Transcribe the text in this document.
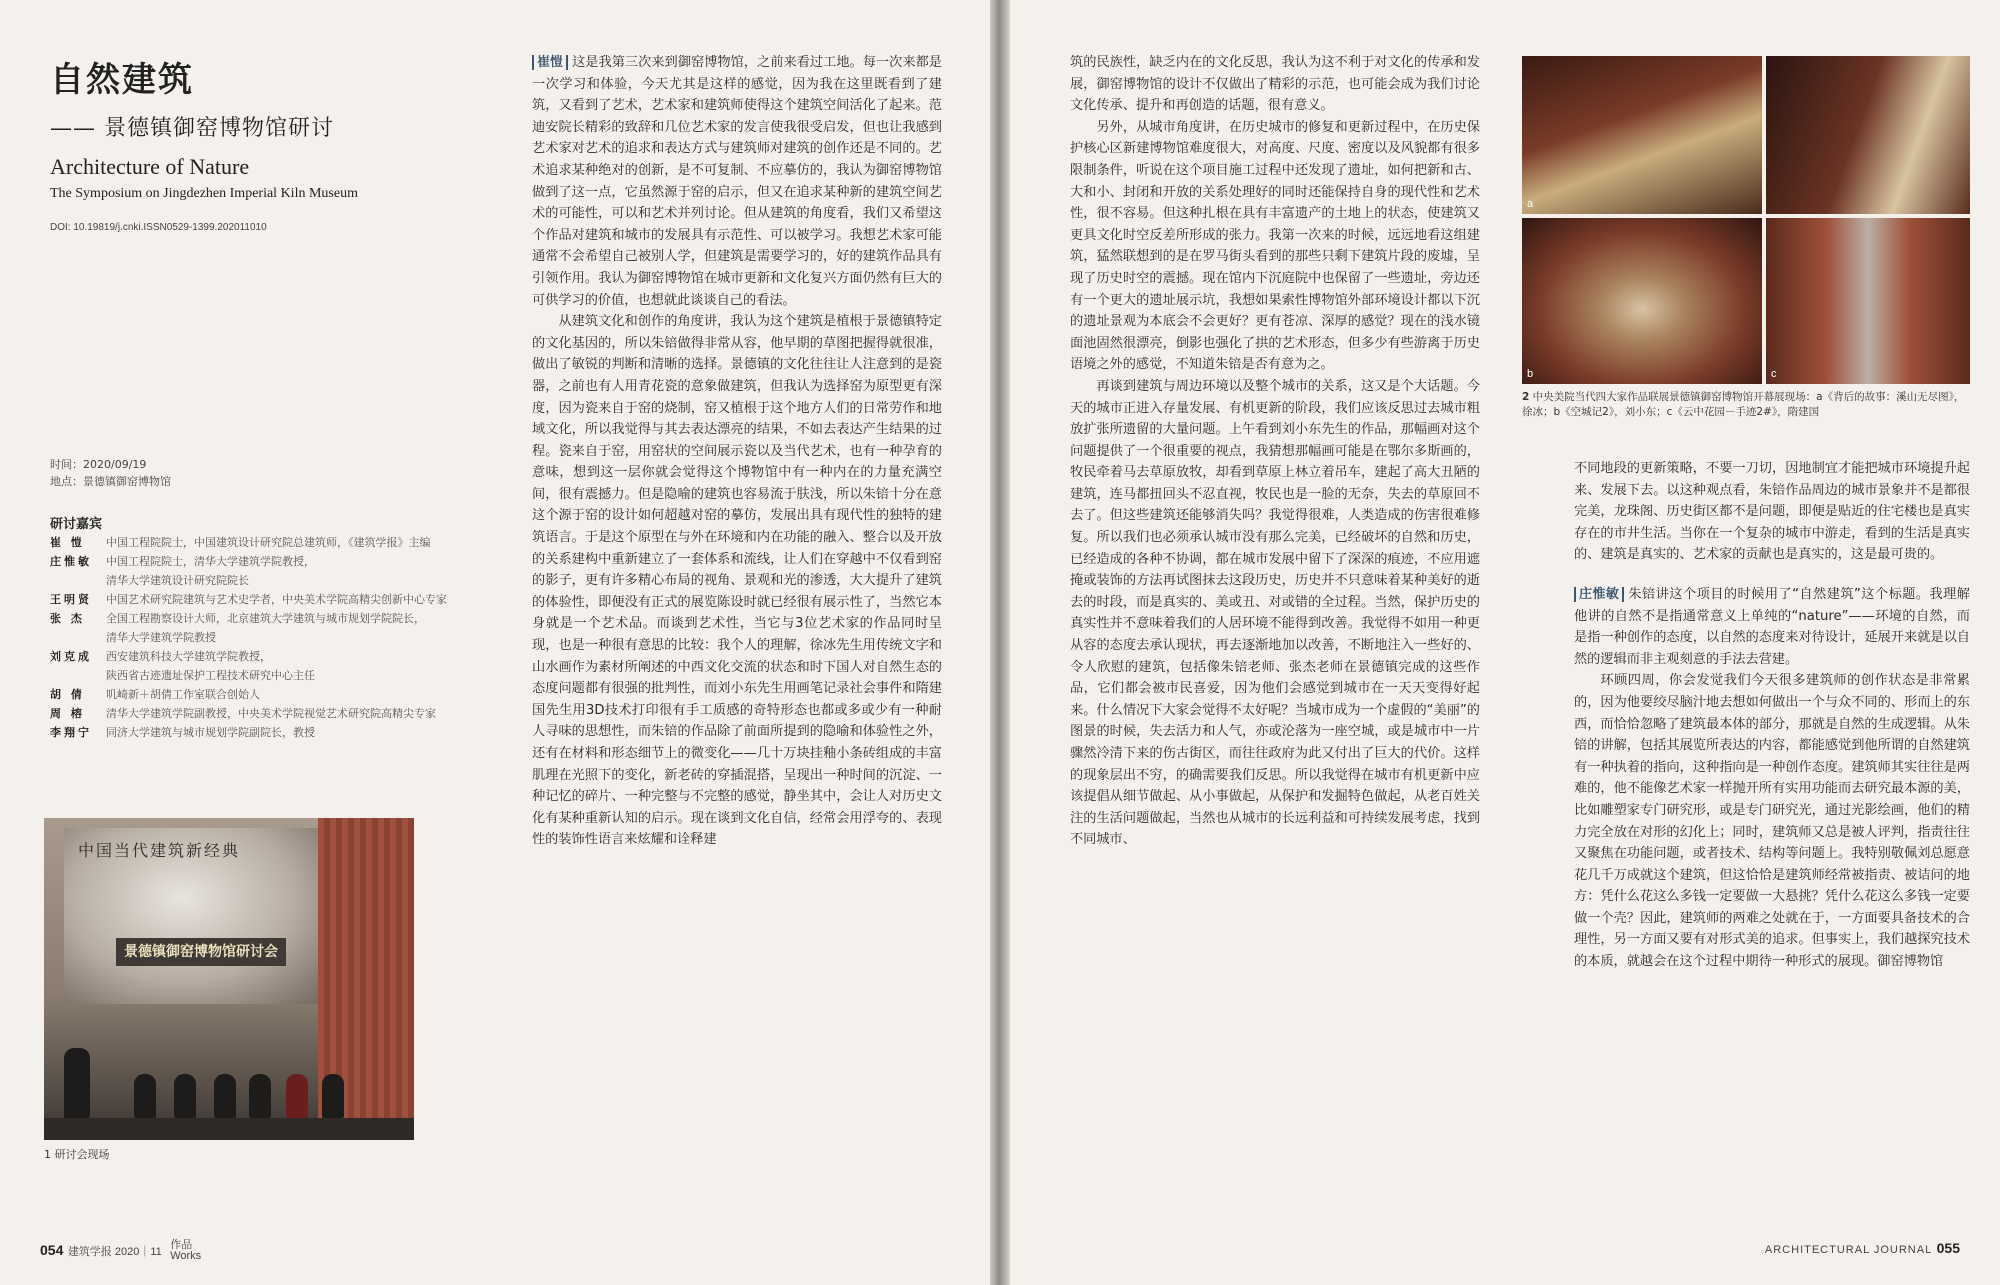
自然建筑
—— 景德镇御窑博物馆研讨
Architecture of Nature
The Symposium on Jingdezhen Imperial Kiln Museum
DOI: 10.19819/j.cnki.ISSN0529-1399.202011010
时间：2020/09/19
地点：景德镇御窑博物馆
研讨嘉宾
崔 愷	中国工程院院士，中国建筑设计研究院总建筑师，《建筑学报》主编
庄惟敏	中国工程院院士，清华大学建筑学院教授，
清华大学建筑设计研究院院长
王明贤	中国艺术研究院建筑与艺术史学者，中央美术学院高精尖创新中心专家
张 杰	全国工程勘察设计大师，北京建筑大学建筑与城市规划学院院长，
清华大学建筑学院教授
刘克成	西安建筑科技大学建筑学院教授，
陕西省古迹遗址保护工程技术研究中心主任
胡 倩	叽崎新＋胡倩工作室联合创始人
周 榕	清华大学建筑学院副教授，中央美术学院视觉艺术研究院高精尖专家
李翔宁	同济大学建筑与城市规划学院副院长，教授
中国当代建筑新经典
景德镇御窑博物馆研讨会
1 研讨会现场

崔愷 这是我第三次来到御窑博物馆，之前来看过工地。每一次来都是一次学习和体验，今天尤其是这样的感觉，因为我在这里既看到了建筑，又看到了艺术，艺术家和建筑师使得这个建筑空间活化了起来。范迪安院长精彩的致辞和几位艺术家的发言使我很受启发，但也让我感到艺术家对艺术的追求和表达方式与建筑师对建筑的创作还是不同的。艺术追求某种绝对的创新，是不可复制、不应摹仿的，我认为御窑博物馆做到了这一点，它虽然源于窑的启示，但又在追求某种新的建筑空间艺术的可能性，可以和艺术并列讨论。但从建筑的角度看，我们又希望这个作品对建筑和城市的发展具有示范性、可以被学习。我想艺术家可能通常不会希望自己被别人学，但建筑是需要学习的，好的建筑作品具有引领作用。我认为御窑博物馆在城市更新和文化复兴方面仍然有巨大的可供学习的价值，也想就此谈谈自己的看法。

从建筑文化和创作的角度讲，我认为这个建筑是植根于景德镇特定的文化基因的，所以朱锫做得非常从容，他早期的草图把握得就很准，做出了敏锐的判断和清晰的选择。景德镇的文化往往让人注意到的是瓷器，之前也有人用青花瓷的意象做建筑，但我认为选择窑为原型更有深度，因为瓷来自于窑的烧制，窑又植根于这个地方人们的日常劳作和地域文化，所以我觉得与其去表达漂亮的结果，不如去表达产生结果的过程。瓷来自于窑，用窑状的空间展示瓷以及当代艺术，也有一种孕育的意味，想到这一层你就会觉得这个博物馆中有一种内在的力量充满空间，很有震撼力。但是隐喻的建筑也容易流于肤浅，所以朱锫十分在意这个源于窑的设计如何超越对窑的摹仿，发展出具有现代性的独特的建筑语言。于是这个原型在与外在环境和内在功能的融入、整合以及开放的关系建构中重新建立了一套体系和流线，让人们在穿越中不仅看到窑的影子，更有许多精心布局的视角、景观和光的渗透，大大提升了建筑的体验性，即便没有正式的展览陈设时就已经很有展示性了，当然它本身就是一个艺术品。而谈到艺术性，当它与3位艺术家的作品同时呈现，也是一种很有意思的比较：我个人的理解，徐冰先生用传统文字和山水画作为素材所阐述的中西文化交流的状态和时下国人对自然生态的态度问题都有很强的批判性，而刘小东先生用画笔记录社会事件和隋建国先生用3D技术打印很有手工质感的奇特形态也都或多或少有一种耐人寻味的思想性，而朱锫的作品除了前面所提到的隐喻和体验性之外，还有在材料和形态细节上的微变化——几十万块挂釉小条砖组成的丰富肌理在光照下的变化，新老砖的穿插混搭，呈现出一种时间的沉淀、一种记忆的碎片、一种完整与不完整的感觉，静坐其中，会让人对历史文化有某种重新认知的启示。现在谈到文化自信，经常会用浮夸的、表现性的装饰性语言来炫耀和诠释建

054 建筑学报 2020｜11 作品
Works

筑的民族性，缺乏内在的文化反思，我认为这不利于对文化的传承和发展，御窑博物馆的设计不仅做出了精彩的示范，也可能会成为我们讨论文化传承、提升和再创造的话题，很有意义。

另外，从城市角度讲，在历史城市的修复和更新过程中，在历史保护核心区新建博物馆难度很大，对高度、尺度、密度以及风貌都有很多限制条件，听说在这个项目施工过程中还发现了遗址，如何把新和古、大和小、封闭和开放的关系处理好的同时还能保持自身的现代性和艺术性，很不容易。但这种扎根在具有丰富遗产的土地上的状态，使建筑又更具文化时空反差所形成的张力。我第一次来的时候，远远地看这组建筑，猛然联想到的是在罗马街头看到的那些只剩下建筑片段的废墟，呈现了历史时空的震撼。现在馆内下沉庭院中也保留了一些遗址，旁边还有一个更大的遗址展示坑，我想如果索性博物馆外部环境设计都以下沉的遗址景观为本底会不会更好？更有苍凉、深厚的感觉？现在的浅水镜面池固然很漂亮，倒影也强化了拱的艺术形态，但多少有些游离于历史语境之外的感觉，不知道朱锫是否有意为之。

再谈到建筑与周边环境以及整个城市的关系，这又是个大话题。今天的城市正进入存量发展、有机更新的阶段，我们应该反思过去城市粗放扩张所遗留的大量问题。上午看到刘小东先生的作品，那幅画对这个问题提供了一个很重要的视点，我猜想那幅画可能是在鄂尔多斯画的，牧民牵着马去草原放牧，却看到草原上林立着吊车，建起了高大丑陋的建筑，连马都扭回头不忍直视，牧民也是一脸的无奈，失去的草原回不去了。但这些建筑还能够消失吗？我觉得很难，人类造成的伤害很难修复。所以我们也必须承认城市没有那么完美，已经破坏的自然和历史，已经造成的各种不协调，都在城市发展中留下了深深的痕迹，不应用遮掩或装饰的方法再试图抹去这段历史，历史并不只意味着某种美好的逝去的时段，而是真实的、美或丑、对或错的全过程。当然，保护历史的真实性并不意味着我们的人居环境不能得到改善。我觉得不如用一种更从容的态度去承认现状，再去逐渐地加以改善，不断地注入一些好的、令人欣慰的建筑，包括像朱锫老师、张杰老师在景德镇完成的这些作品，它们都会被市民喜爱，因为他们会感觉到城市在一天天变得好起来。什么情况下大家会觉得不太好呢？当城市成为一个虚假的“美丽”的图景的时候，失去活力和人气，亦或沦落为一座空城，或是城市中一片骤然冷清下来的伤古街区，而往往政府为此又付出了巨大的代价。这样的现象层出不穷，的确需要我们反思。所以我觉得在城市有机更新中应该提倡从细节做起、从小事做起，从保护和发掘特色做起，从老百姓关注的生活问题做起，当然也从城市的长远利益和可持续发展考虑，找到不同城市、

a
b	c
2 中央美院当代四大家作品联展景德镇御窑博物馆开幕展现场：a《背后的故事：溪山无尽图》，徐冰；b《空城记2》，刘小东；c《云中花园－手迹2#》，隋建国

不同地段的更新策略，不要一刀切，因地制宜才能把城市环境提升起来、发展下去。以这种观点看，朱锫作品周边的城市景象并不是都很完美，龙珠阁、历史街区都不是问题，即便是贴近的住宅楼也是真实存在的市井生活。当你在一个复杂的城市中游走，看到的生活是真实的、建筑是真实的、艺术家的贡献也是真实的，这是最可贵的。

庄惟敏 朱锫讲这个项目的时候用了“自然建筑”这个标题。我理解他讲的自然不是指通常意义上单纯的“nature”——环境的自然，而是指一种创作的态度，以自然的态度来对待设计，延展开来就是以自然的逻辑而非主观刻意的手法去营建。

环顾四周，你会发觉我们今天很多建筑师的创作状态是非常累的，因为他要绞尽脑汁地去想如何做出一个与众不同的、形而上的东西，而恰恰忽略了建筑最本体的部分，那就是自然的生成逻辑。从朱锫的讲解，包括其展览所表达的内容，都能感觉到他所谓的自然建筑有一种执着的指向，这种指向是一种创作态度。建筑师其实往往是两难的，他不能像艺术家一样抛开所有实用功能而去研究最本源的美，比如雕塑家专门研究形，或是专门研究光，通过光影绘画，他们的精力完全放在对形的幻化上；同时，建筑师又总是被人评判，指责往往又聚焦在功能问题，或者技术、结构等问题上。我特别敬佩刘总愿意花几千万成就这个建筑，但这恰恰是建筑师经常被指责、被诘问的地方：凭什么花这么多钱一定要做一大悬挑？凭什么花这么多钱一定要做一个壳？因此，建筑师的两难之处就在于，一方面要具备技术的合理性，另一方面又要有对形式美的追求。但事实上，我们越探究技术的本质，就越会在这个过程中期待一种形式的展现。御窑博物馆

ARCHITECTURAL JOURNAL 055
